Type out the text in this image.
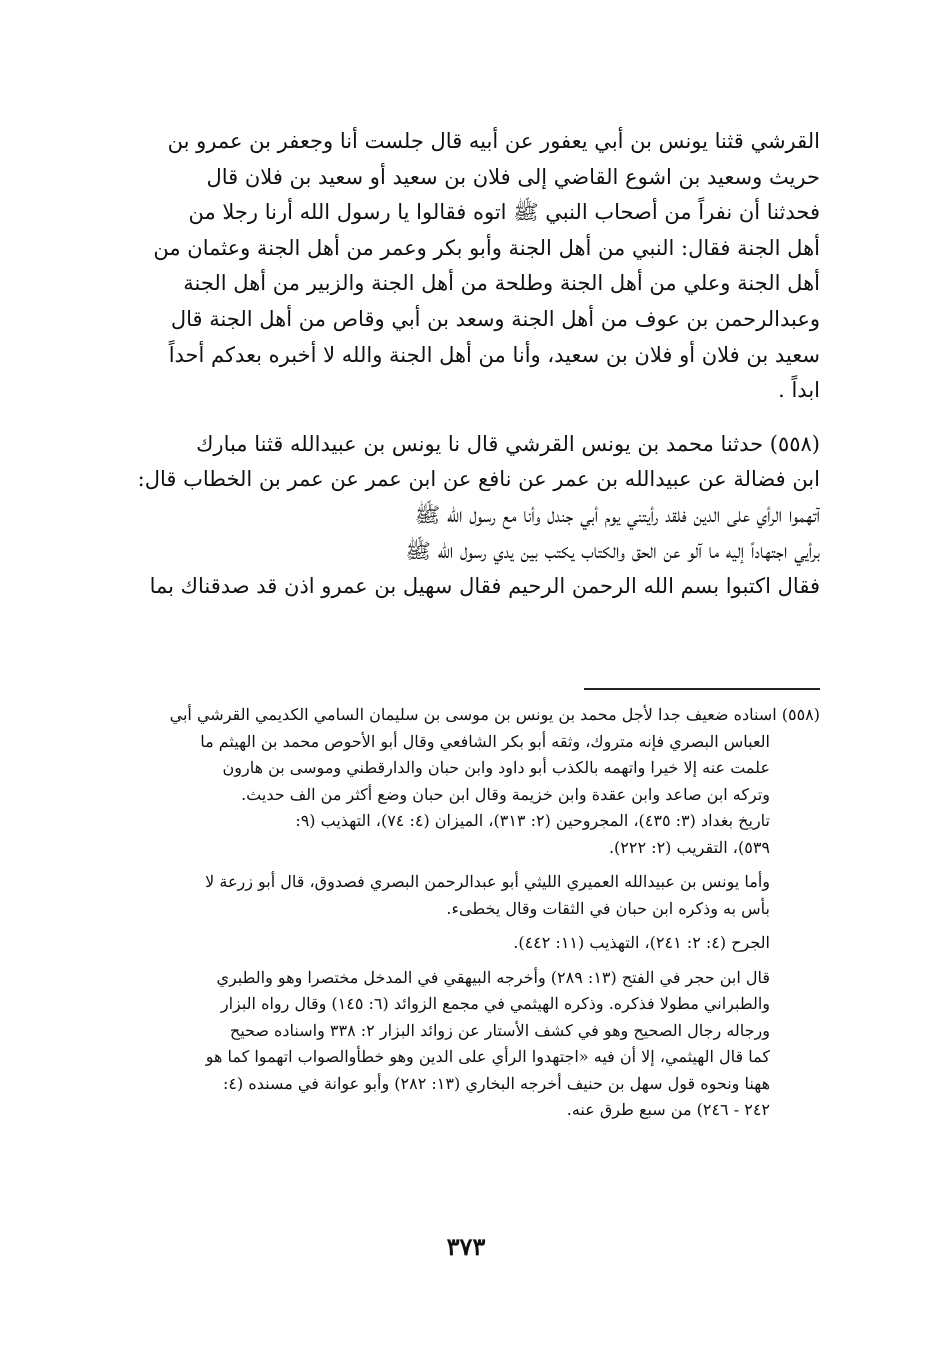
القرشي قثنا يونس بن أبي يعفور عن أبيه قال جلست أنا وجعفر بن عمرو بن
حريث وسعيد بن اشوع القاضي إلى فلان بن سعيد أو سعيد بن فلان قال
فحدثنا أن نفراً من أصحاب النبي ﷺ اتوه فقالوا يا رسول الله أرنا رجلا من
أهل الجنة فقال: النبي من أهل الجنة وأبو بكر وعمر من أهل الجنة وعثمان من
أهل الجنة وعلي من أهل الجنة وطلحة من أهل الجنة والزبير من أهل الجنة
وعبدالرحمن بن عوف من أهل الجنة وسعد بن أبي وقاص من أهل الجنة قال
سعيد بن فلان أو فلان بن سعيد، وأنا من أهل الجنة والله لا أخبره بعدكم أحداً
ابداً .
(٥٥٨) حدثنا محمد بن يونس القرشي قال نا يونس بن عبيدالله قثنا مبارك
ابن فضالة عن عبيدالله بن عمر عن نافع عن ابن عمر عن عمر بن الخطاب قال:
آتهموا الرأي على الدين فلقد رأيتني يوم أبي جندل وأنا مع رسول الله ﷺ
برأيي اجتهاداً إليه ما آلو عن الحق والكتاب يكتب بين يدي رسول الله ﷺ
فقال اكتبوا بسم الله الرحمن الرحيم فقال سهيل بن عمرو اذن قد صدقناك بما
(٥٥٨) اسناده ضعيف جدا لأجل محمد بن يونس بن موسى بن سليمان السامي الكديمي القرشي أبي
العباس البصري فإنه متروك، وثقه أبو بكر الشافعي وقال أبو الأحوص محمد بن الهيثم ما
علمت عنه إلا خيرا واتهمه بالكذب أبو داود وابن حبان والدارقطني وموسى بن هارون
وتركه ابن صاعد وابن عقدة وابن خزيمة وقال ابن حبان وضع أكثر من الف حديث.
تاريخ بغداد (٣: ٤٣٥)، المجروحين (٢: ٣١٣)، الميزان (٤: ٧٤)، التهذيب (٩:
٥٣٩)، التقريب (٢: ٢٢٢).
وأما يونس بن عبيدالله العميري الليثي أبو عبدالرحمن البصري فصدوق، قال أبو زرعة لا
بأس به وذكره ابن حبان في الثقات وقال يخطىء.
الجرح (٤: ٢: ٢٤١)، التهذيب (١١: ٤٤٢).
قال ابن حجر في الفتح (١٣: ٢٨٩) وأخرجه البيهقي في المدخل مختصرا وهو والطبري
والطبراني مطولا فذكره. وذكره الهيثمي في مجمع الزوائد (٦: ١٤٥) وقال رواه البزار
ورجاله رجال الصحيح وهو في كشف الأستار عن زوائد البزار ٢: ٣٣٨ واسناده صحيح
كما قال الهيثمي، إلا أن فيه «اجتهدوا الرأي على الدين وهو خطأوالصواب اتهموا كما هو
ههنا ونحوه قول سهل بن حنيف أخرجه البخاري (١٣: ٢٨٢) وأبو عوانة في مسنده (٤:
٢٤٢ - ٢٤٦) من سبع طرق عنه.
٣٧٣
